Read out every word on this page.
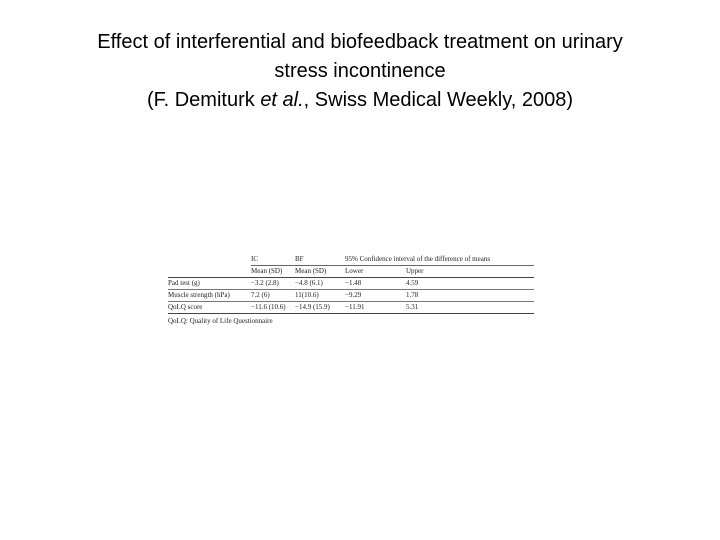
Effect of interferential and biofeedback treatment on urinary
stress incontinence
(F. Demiturk et al., Swiss Medical Weekly, 2008)
	IC	BF	95% Confidence interval of the difference of means	
	Mean (SD)	Mean (SD)	Lower	Upper
Pad test (g)	−3.2 (2.8)	−4.8 (6.1)	−1.48	4.59
Muscle strength (hPa)	7.2 (6)	11(10.6)	−9.29	1.78
QoLQ score	−11.6 (10.6)	−14.9 (15.9)	−11.91	5.31
QoLQ: Quality of Life Questionnaire
